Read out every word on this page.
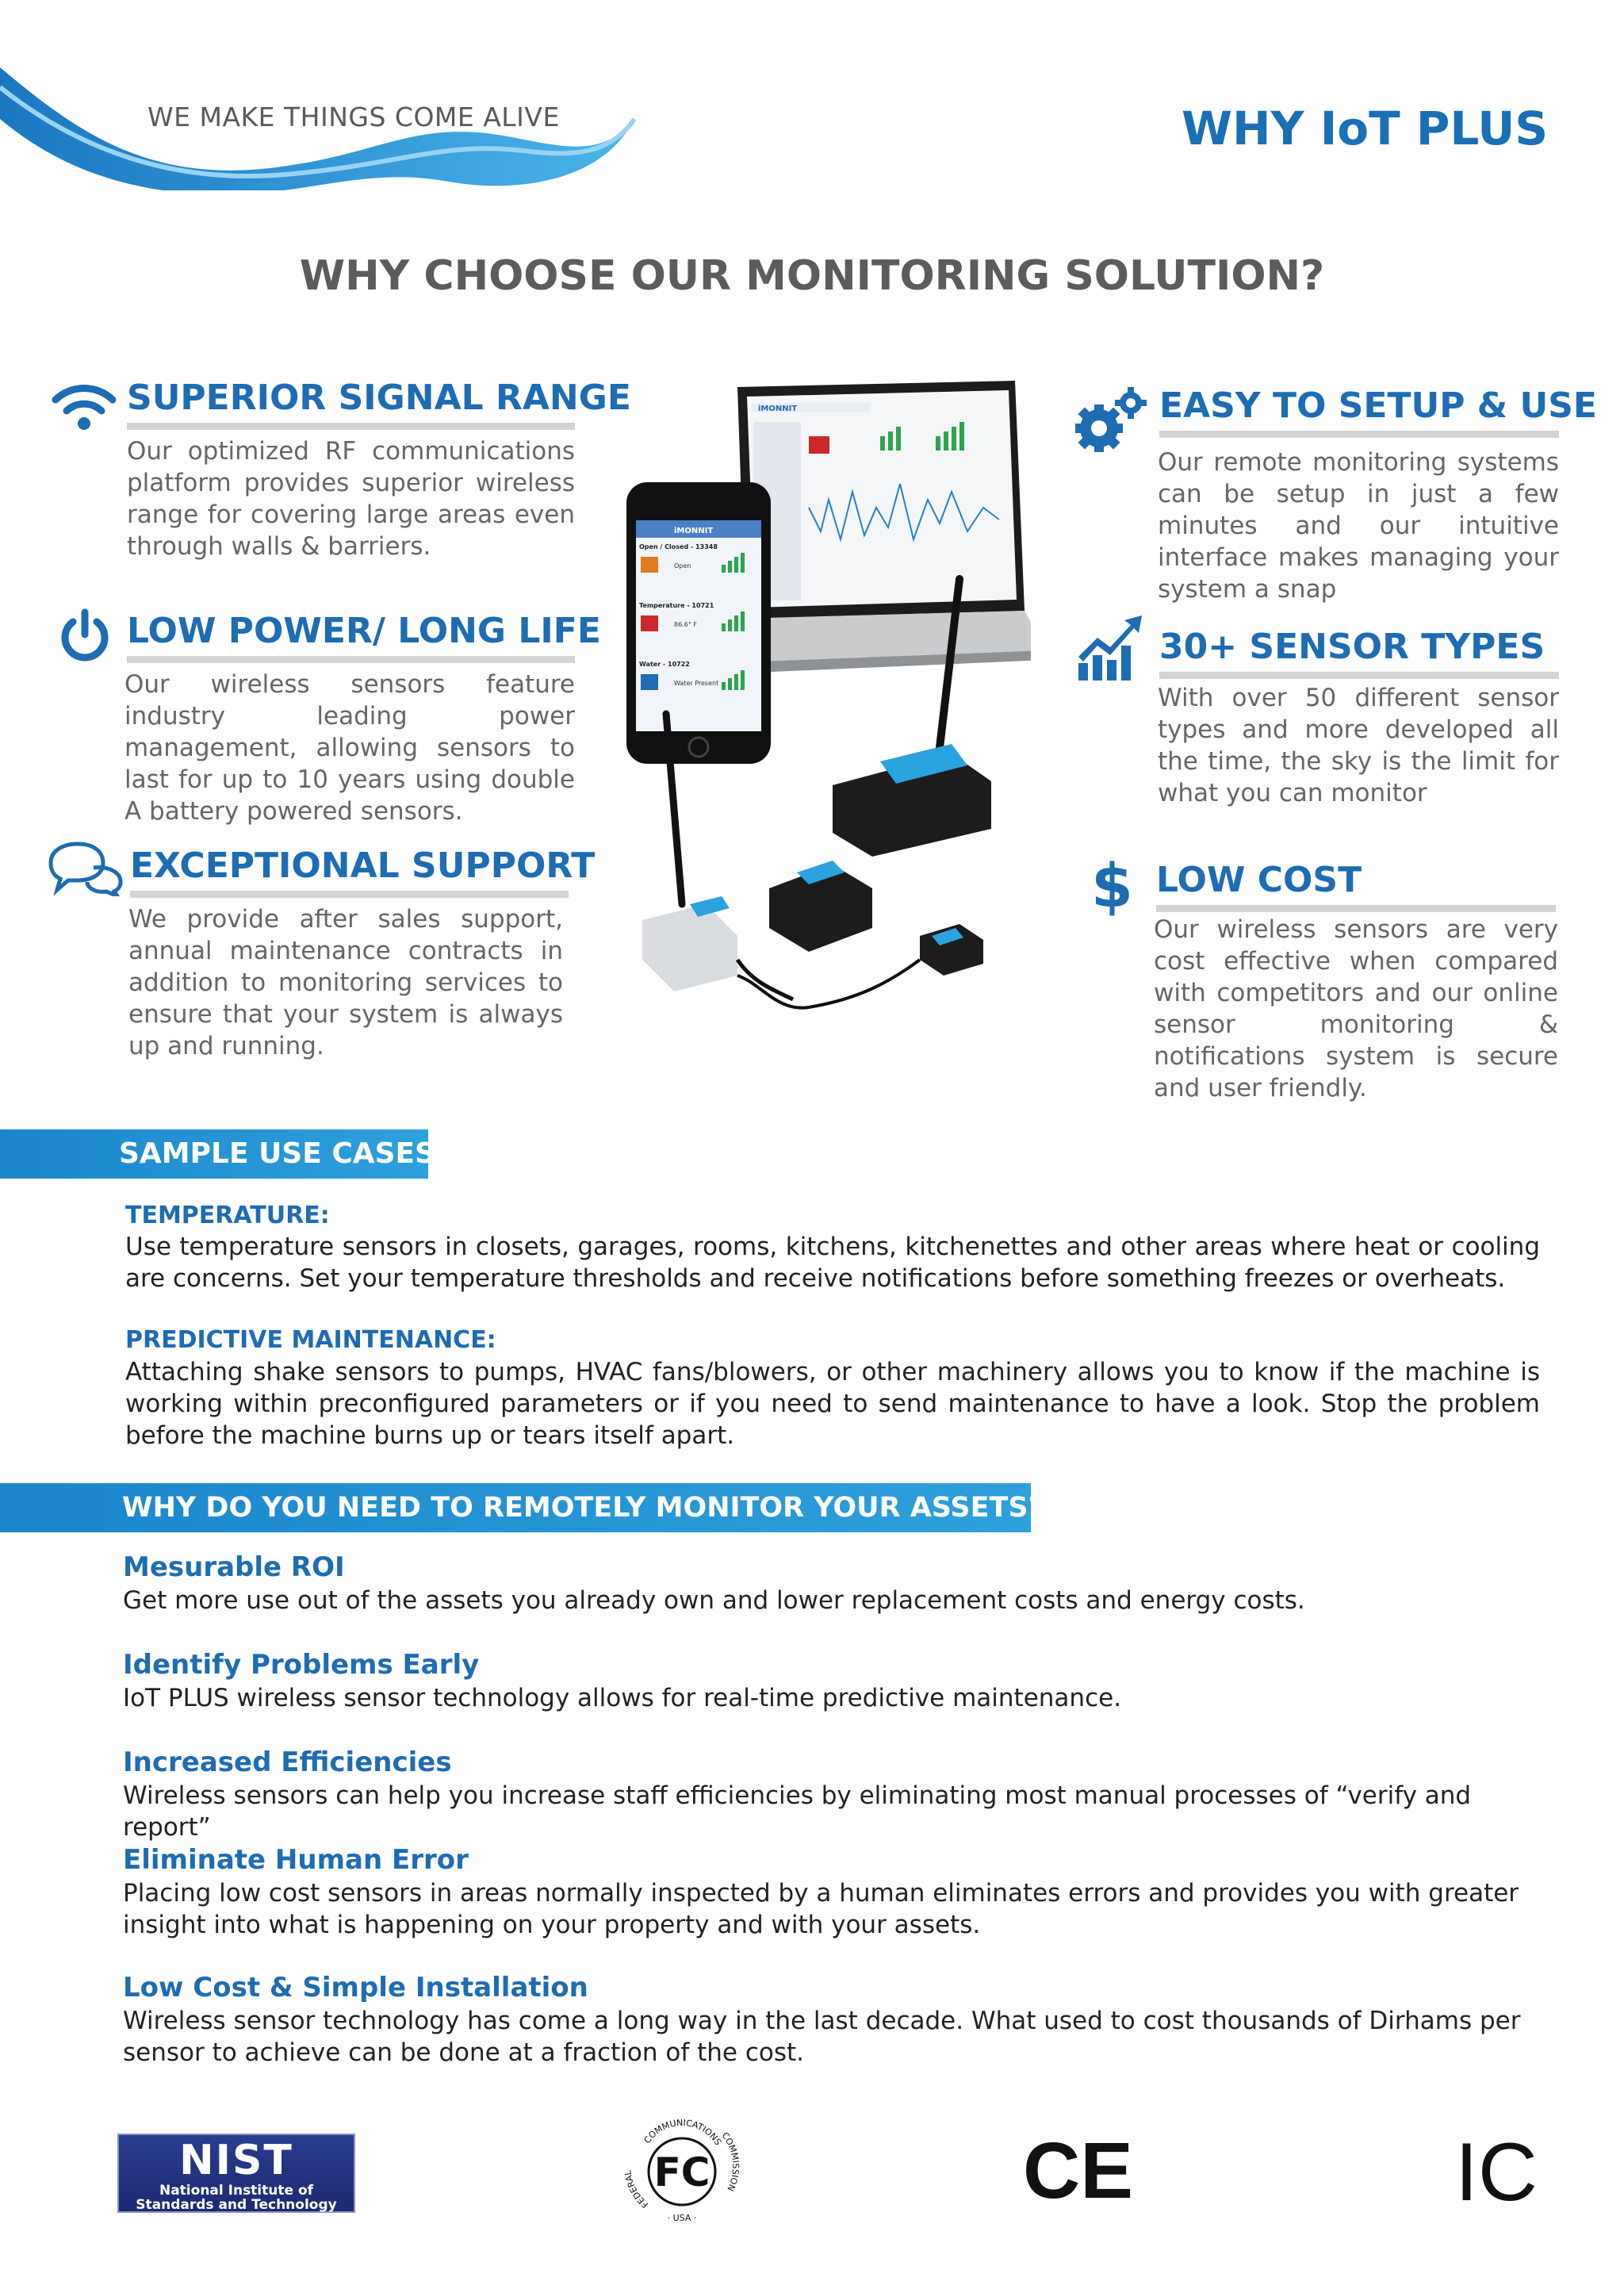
WE MAKE THINGS COME ALIVE	WHY IoT PLUS
WHY CHOOSE OUR MONITORING SOLUTION?
SUPERIOR SIGNAL RANGE
Our optimized RF communications platform provides superior wireless range for covering large areas even through walls & barriers.
LOW POWER/ LONG LIFE
Our wireless sensors feature industry leading power management, allowing sensors to last for up to 10 years using double A battery powered sensors.
EXCEPTIONAL SUPPORT
We provide after sales support, annual maintenance contracts in addition to monitoring services to ensure that your system is always up and running.
iMONNIT
iMONNIT
Open / Closed - 13348
Open
Temperature - 10721
86.6° F
Water - 10722
Water Present
EASY TO SETUP & USE
Our remote monitoring systems can be setup in just a few minutes and our intuitive interface makes managing your system a snap
30+ SENSOR TYPES
With over 50 different sensor types and more developed all the time, the sky is the limit for what you can monitor
$ LOW COST
Our wireless sensors are very cost effective when compared with competitors and our online sensor monitoring & notifications system is secure and user friendly.
SAMPLE USE CASES
TEMPERATURE:
Use temperature sensors in closets, garages, rooms, kitchens, kitchenettes and other areas where heat or cooling are concerns. Set your temperature thresholds and receive notifications before something freezes or overheats.
PREDICTIVE MAINTENANCE:
Attaching shake sensors to pumps, HVAC fans/blowers, or other machinery allows you to know if the machine is working within preconfigured parameters or if you need to send maintenance to have a look. Stop the problem before the machine burns up or tears itself apart.
WHY DO YOU NEED TO REMOTELY MONITOR YOUR ASSETS?
Mesurable ROI
Get more use out of the assets you already own and lower replacement costs and energy costs.
Identify Problems Early
IoT PLUS wireless sensor technology allows for real-time predictive maintenance.
Increased Efficiencies
Wireless sensors can help you increase staff efficiencies by eliminating most manual processes of “verify and report”
Eliminate Human Error
Placing low cost sensors in areas normally inspected by a human eliminates errors and provides you with greater insight into what is happening on your property and with your assets.
Low Cost & Simple Installation
Wireless sensor technology has come a long way in the last decade. What used to cost thousands of Dirhams per sensor to achieve can be done at a fraction of the cost.
NIST
National Institute of
Standards and Technology
COMMUNICATIONS
FEDERAL
COMMISSION
· USA ·
FC	CE	IC
